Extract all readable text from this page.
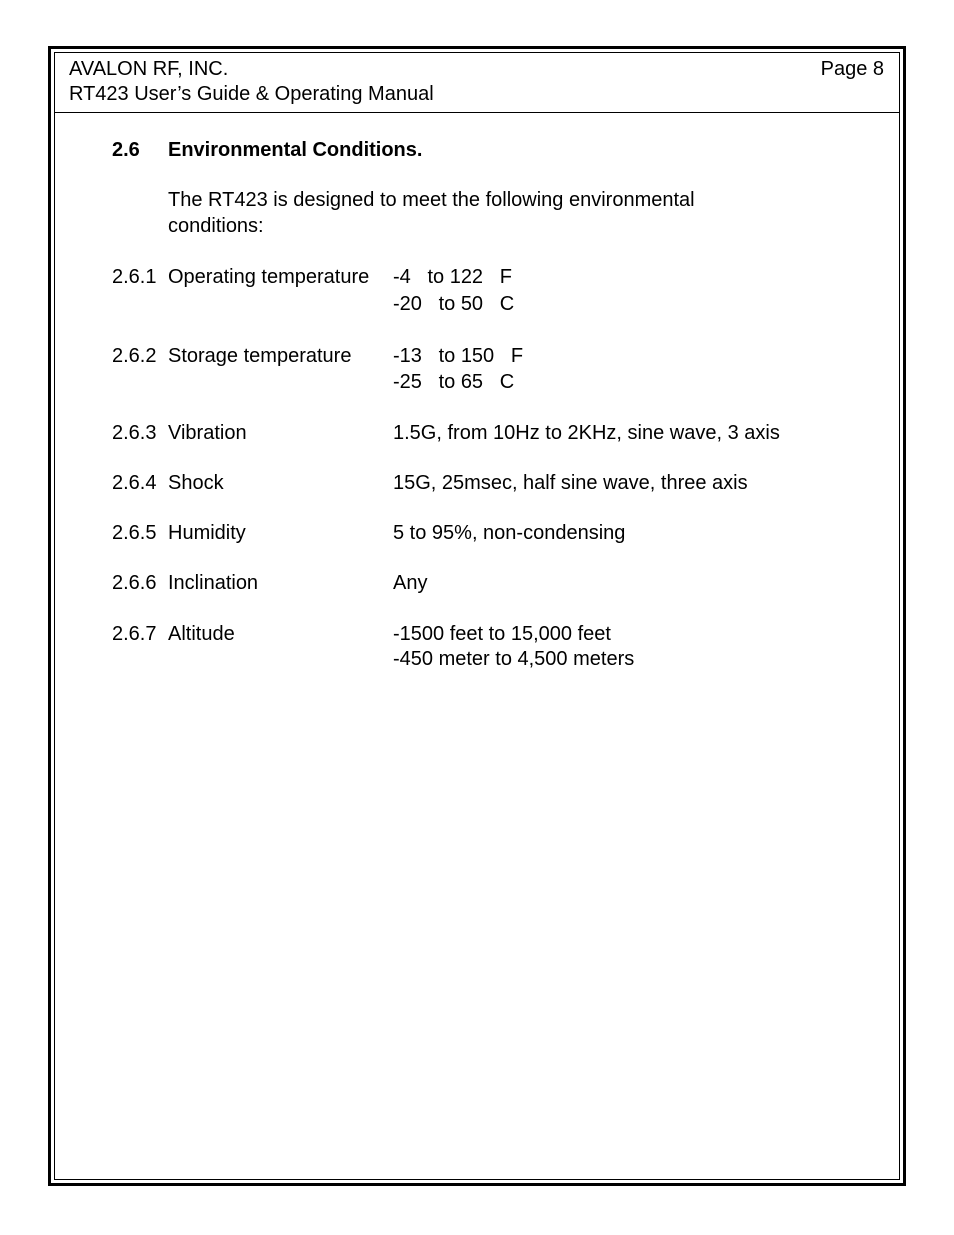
AVALON RF, INC.
RT423 User’s Guide & Operating Manual
Page 8
2.6 Environmental Conditions.
The RT423 is designed to meet the following environmental
conditions:
2.6.1 Operating temperature -4   to 122   F
-20   to 50   C
2.6.2 Storage temperature -13   to 150   F
-25   to 65   C
2.6.3 Vibration	1.5G, from 10Hz to 2KHz, sine wave, 3 axis
2.6.4 Shock	15G, 25msec, half sine wave, three axis
2.6.5 Humidity	5 to 95%, non-condensing
2.6.6 Inclination	Any
2.6.7 Altitude	-1500 feet to 15,000 feet
-450 meter to 4,500 meters
